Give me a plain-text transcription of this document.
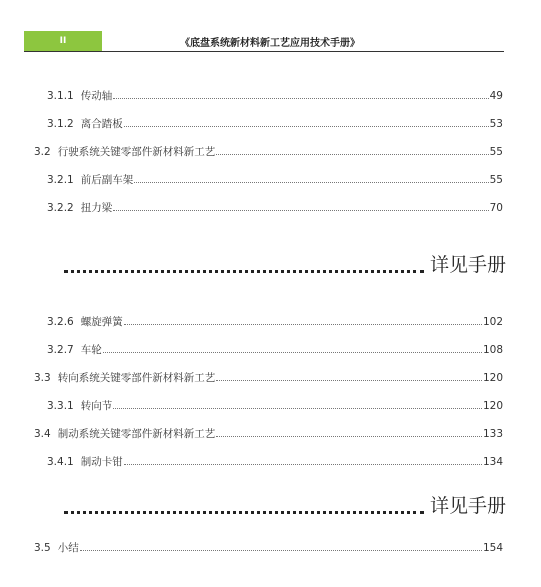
II	《底盘系统新材料新工艺应用技术手册》
3.1.1 传动轴	49
3.1.2 离合踏板	53
3.2 行驶系统关键零部件新材料新工艺	55
3.2.1 前后副车架	55
3.2.2 扭力梁	70
3.2.6 螺旋弹簧	102
3.2.7 车轮	108
3.3 转向系统关键零部件新材料新工艺	120
3.3.1 转向节	120
3.4 制动系统关键零部件新材料新工艺	133
3.4.1 制动卡钳	134
3.5 小结	154
详见手册
详见手册
